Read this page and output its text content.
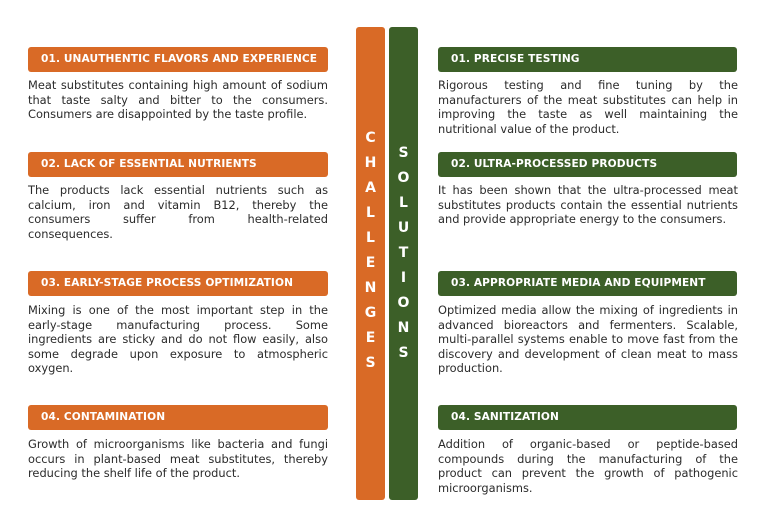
01. UNAUTHENTIC FLAVORS AND EXPERIENCE
Meat substitutes containing high amount of sodium that taste salty and bitter to the consumers. Consumers are disappointed by the taste profile.
02. LACK OF ESSENTIAL NUTRIENTS
The products lack essential nutrients such as calcium, iron and vitamin B12, thereby the consumers suffer from health-related consequences.
03. EARLY-STAGE PROCESS OPTIMIZATION
Mixing is one of the most important step in the early-stage manufacturing process. Some ingredients are sticky and do not flow easily, also some degrade upon exposure to atmospheric oxygen.
04. CONTAMINATION
Growth of microorganisms like bacteria and fungi occurs in plant-based meat substitutes, thereby reducing the shelf life of the product.
C
H
A
L
L
E
N
G
E
S
S
O
L
U
T
I
O
N
S
01. PRECISE TESTING
Rigorous testing and fine tuning by the manufacturers of the meat substitutes can help in improving the taste as well maintaining the nutritional value of the product.
02. ULTRA-PROCESSED PRODUCTS
It has been shown that the ultra-processed meat substitutes products contain the essential nutrients and provide appropriate energy to the consumers.
03. APPROPRIATE MEDIA AND EQUIPMENT
Optimized media allow the mixing of ingredients in advanced bioreactors and fermenters. Scalable, multi-parallel systems enable to move fast from the discovery and development of clean meat to mass production.
04. SANITIZATION
Addition of organic-based or peptide-based compounds during the manufacturing of the product can prevent the growth of pathogenic microorganisms.
